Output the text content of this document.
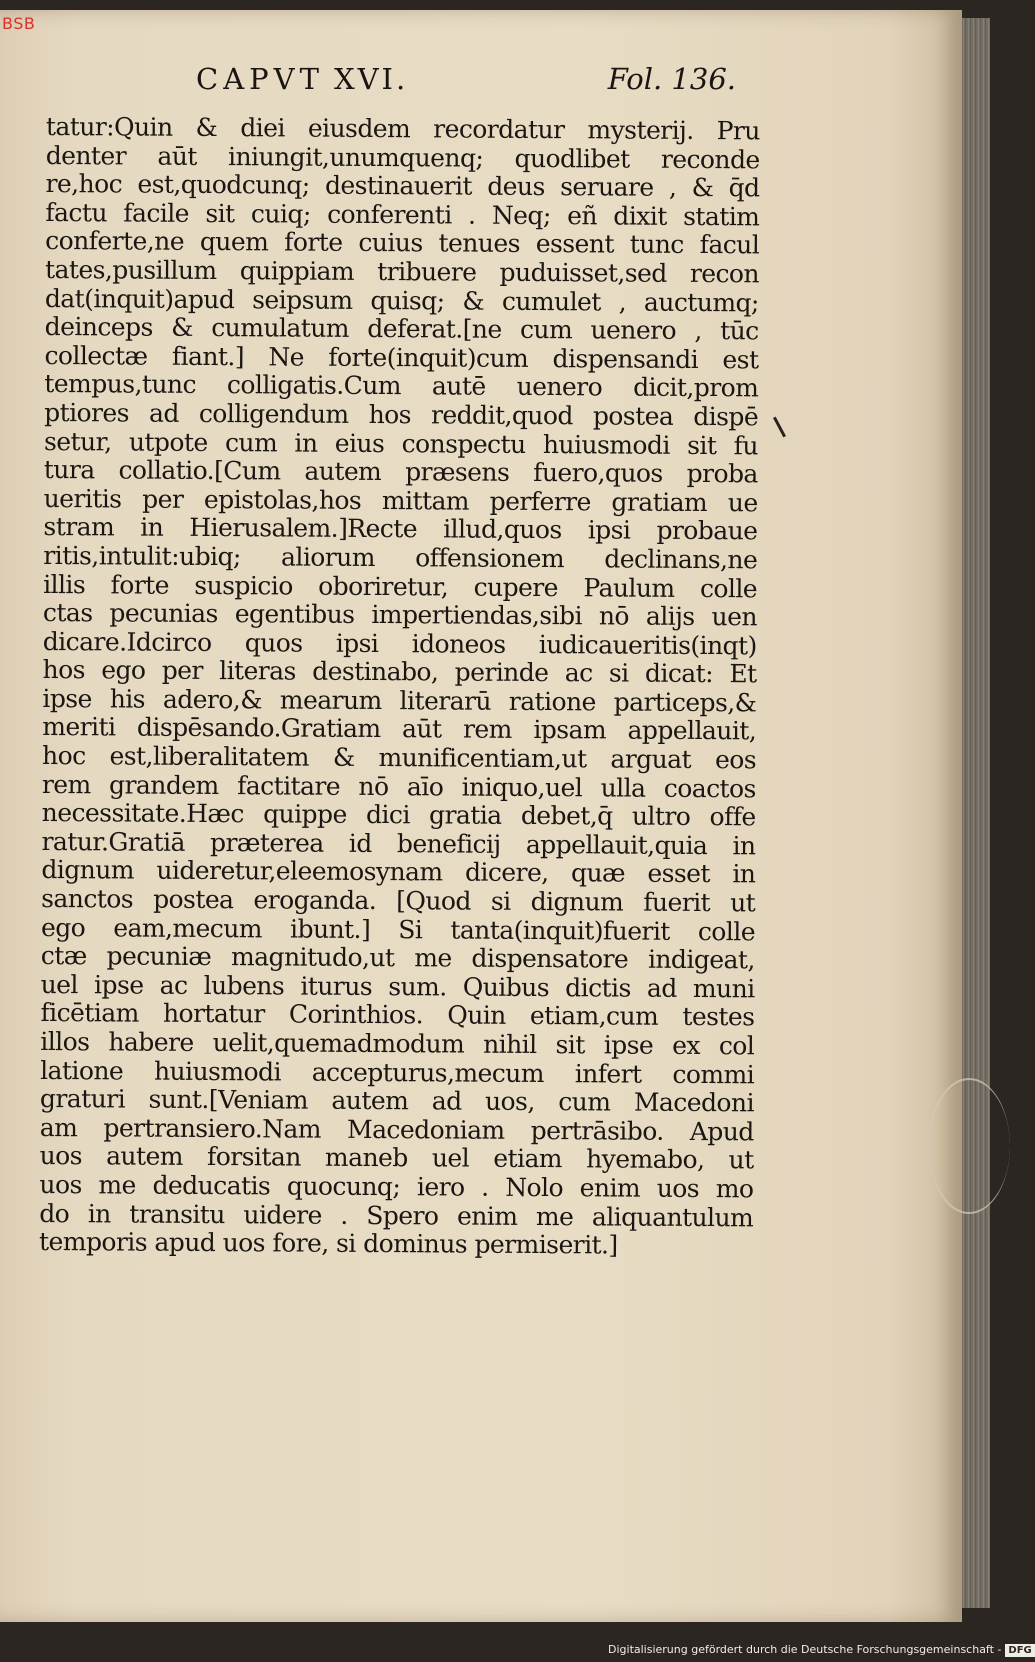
CAPVT XVI.	Fol. 136.
tatur:Quin & diei eiusdem recordatur mysterij. Pru
denter aūt iniungit,unumquenq; quodlibet reconde
re,hoc est,quodcunq; destinauerit deus seruare , & q̄d
factu facile sit cuiq; conferenti . Neq; eñ dixit statim
conferte,ne quem forte cuius tenues essent tunc facul
tates,pusillum quippiam tribuere puduisset,sed recon
dat(inquit)apud seipsum quisq; & cumulet , auctumq;
deinceps & cumulatum deferat.[ne cum uenero , tūc
collectæ fiant.] Ne forte(inquit)cum dispensandi est
tempus,tunc colligatis.Cum autē uenero dicit,prom
ptiores ad colligendum hos reddit,quod postea dispē
setur, utpote cum in eius conspectu huiusmodi sit fu
tura collatio.[Cum autem præsens fuero,quos proba
ueritis per epistolas,hos mittam perferre gratiam ue
stram in Hierusalem.]Recte illud,quos ipsi probaue
ritis,intulit:ubiq; aliorum offensionem declinans,ne
illis forte suspicio oboriretur, cupere Paulum colle
ctas pecunias egentibus impertiendas,sibi nō alijs uen
dicare.Idcirco quos ipsi idoneos iudicaueritis(inqt)
hos ego per literas destinabo, perinde ac si dicat: Et
ipse his adero,& mearum literarū ratione particeps,&
meriti dispēsando.Gratiam aūt rem ipsam appellauit,
hoc est,liberalitatem & munificentiam,ut arguat eos
rem grandem factitare nō aīo iniquo,uel ulla coactos
necessitate.Hæc quippe dici gratia debet,q̄ ultro offe
ratur.Gratiā præterea id beneficij appellauit,quia in
dignum uideretur,eleemosynam dicere, quæ esset in
sanctos postea eroganda. [Quod si dignum fuerit ut
ego eam,mecum ibunt.] Si tanta(inquit)fuerit colle
ctæ pecuniæ magnitudo,ut me dispensatore indigeat,
uel ipse ac lubens iturus sum. Quibus dictis ad muni
ficētiam hortatur Corinthios. Quin etiam,cum testes
illos habere uelit,quemadmodum nihil sit ipse ex col
latione huiusmodi accepturus,mecum infert commi
graturi sunt.[Veniam autem ad uos, cum Macedoni
am pertransiero.Nam Macedoniam pertrāsibo. Apud
uos autem forsitan maneb uel etiam hyemabo, ut
uos me deducatis quocunq; iero . Nolo enim uos mo
do in transitu uidere . Spero enim me aliquantulum
temporis apud uos fore, si dominus permiserit.]
BSB
Digitalisierung gefördert durch die Deutsche Forschungsgemeinschaft - DFG
